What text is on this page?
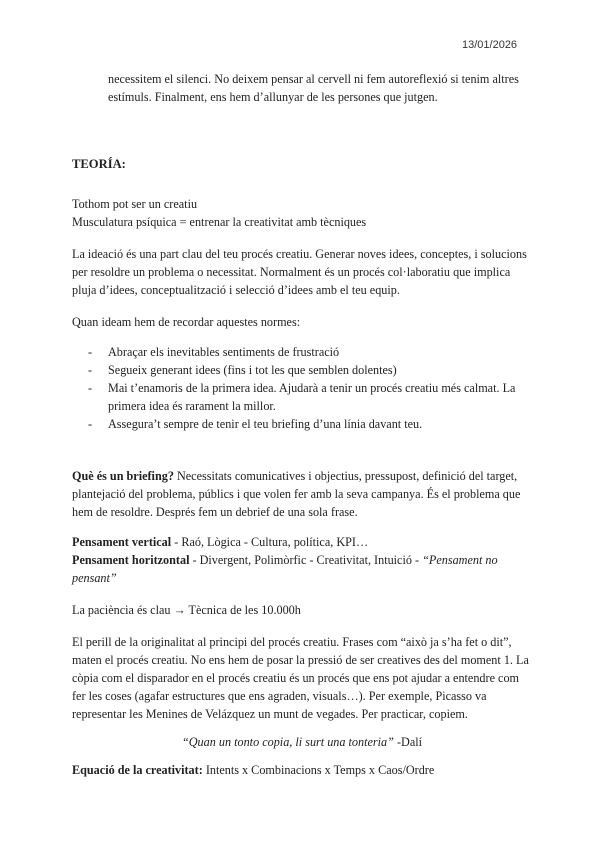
13/01/2026

necessitem el silenci. No deixem pensar al cervell ni fem autoreflexió si tenim altres estímuls. Finalment, ens hem d’allunyar de les persones que jutgen.

TEORÍA:

Tothom pot ser un creatiu

Musculatura psíquica = entrenar la creativitat amb tècniques

La ideació és una part clau del teu procés creatiu. Generar noves idees, conceptes, i solucions per resoldre un problema o necessitat. Normalment és un procés col·laboratiu que implica pluja d’idees, conceptualització i selecció d’idees amb el teu equip.

Quan ideam hem de recordar aquestes normes:

- Abraçar els inevitables sentiments de frustració
- Segueix generant idees (fins i tot les que semblen dolentes)
- Mai t’enamoris de la primera idea. Ajudarà a tenir un procés creatiu més calmat. La primera idea és rarament la millor.
- Assegura’t sempre de tenir el teu briefing d’una línia davant teu.

Què és un briefing? Necessitats comunicatives i objectius, pressupost, definició del target, plantejació del problema, públics i que volen fer amb la seva campanya. És el problema que hem de resoldre. Després fem un debrief de una sola frase.

Pensament vertical - Raó, Lògica - Cultura, política, KPI…

Pensament horitzontal - Divergent, Polimòrfic - Creativitat, Intuició - “Pensament no pensant”

La paciència és clau → Tècnica de les 10.000h

El perill de la originalitat al principi del procés creatiu. Frases com “això ja s’ha fet o dit”, maten el procés creatiu. No ens hem de posar la pressió de ser creatives des del moment 1. La còpia com el disparador en el procés creatiu és un procés que ens pot ajudar a entendre com fer les coses (agafar estructures que ens agraden, visuals…). Per exemple, Picasso va representar les Menines de Velázquez un munt de vegades. Per practicar, copiem.

“Quan un tonto copia, li surt una tonteria” -Dalí

Equació de la creativitat: Intents x Combinacions x Temps x Caos/Ordre
